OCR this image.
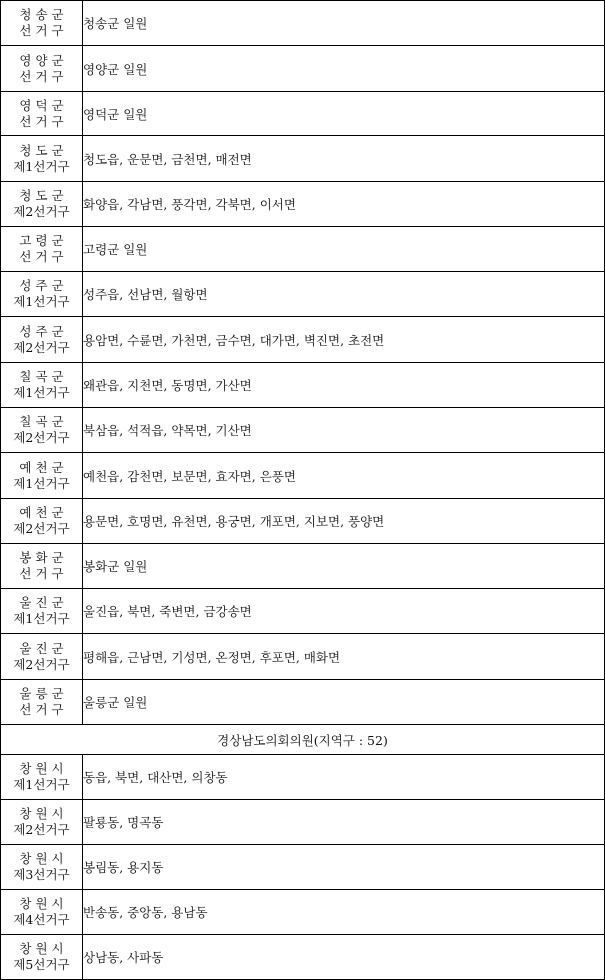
청 송 군
선 거 구	청송군 일원

영 양 군
선 거 구	영양군 일원

영 덕 군
선 거 구	영덕군 일원

청 도 군
제1선거구	청도읍, 운문면, 금천면, 매전면

청 도 군
제2선거구	화양읍, 각남면, 풍각면, 각북면, 이서면

고 령 군
선 거 구	고령군 일원

성 주 군
제1선거구	성주읍, 선남면, 월항면

성 주 군
제2선거구	용암면, 수륜면, 가천면, 금수면, 대가면, 벽진면, 초전면

칠 곡 군
제1선거구	왜관읍, 지천면, 동명면, 가산면

칠 곡 군
제2선거구	북삼읍, 석적읍, 약목면, 기산면

예 천 군
제1선거구	예천읍, 감천면, 보문면, 효자면, 은풍면

예 천 군
제2선거구	용문면, 호명면, 유천면, 용궁면, 개포면, 지보면, 풍양면

봉 화 군
선 거 구	봉화군 일원

울 진 군
제1선거구	울진읍, 북면, 죽변면, 금강송면

울 진 군
제2선거구	평해읍, 근남면, 기성면, 온정면, 후포면, 매화면

울 릉 군
선 거 구	울릉군 일원
경상남도의회의원(지역구 : 52)	

창 원 시
제1선거구	동읍, 북면, 대산면, 의창동

창 원 시
제2선거구	팔룡동, 명곡동

창 원 시
제3선거구	봉림동, 용지동

창 원 시
제4선거구	반송동, 중앙동, 용남동

창 원 시
제5선거구	상남동, 사파동
